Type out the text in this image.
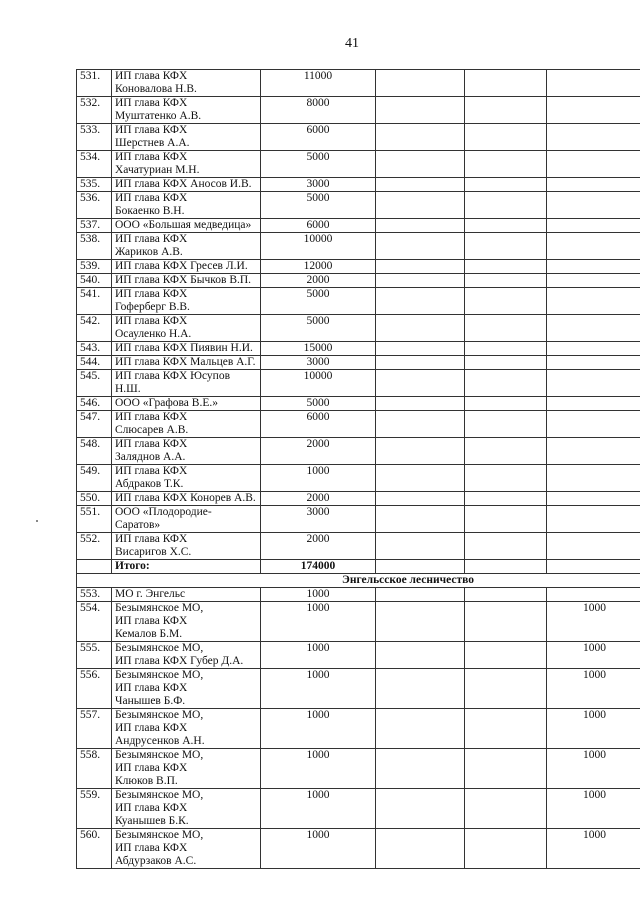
41
531.	ИП глава КФХ
Коноваловa Н.В.	11000			
532.	ИП глава КФХ
Муштатенко А.В.	8000			
533.	ИП глава КФХ
Шерстнев А.А.	6000			
534.	ИП глава КФХ
Хачатуриан М.Н.	5000			
535.	ИП глава КФХ Аносов И.В.	3000			
536.	ИП глава КФХ
Бокаенко В.Н.	5000			
537.	ООО «Большая медведица»	6000			
538.	ИП глава КФХ
Жариков А.В.	10000			
539.	ИП глава КФХ Гресев Л.И.	12000			
540.	ИП глава КФХ Бычков В.П.	2000			
541.	ИП глава КФХ
Гоферберг В.В.	5000			
542.	ИП глава КФХ
Осауленко Н.А.	5000			
543.	ИП глава КФХ Пиявин Н.И.	15000			
544.	ИП глава КФХ Мальцев А.Г.	3000			
545.	ИП глава КФХ Юсупов Н.Ш.	10000			
546.	ООО «Графова В.Е.»	5000			
547.	ИП глава КФХ
Слюсарев А.В.	6000			
548.	ИП глава КФХ
Заляднов А.А.	2000			
549.	ИП глава КФХ
Абдраков Т.К.	1000			
550.	ИП глава КФХ Конорев А.В.	2000			
551.	ООО «Плодородие-
Саратов»	3000			
552.	ИП глава КФХ
Висаригов Х.С.	2000			
	Итого:	174000			
Энгельсское лесничество					
553.	МО г. Энгельс	1000			
554.	Безымянское МО,
ИП глава КФХ
Кемалов Б.М.	1000			1000
555.	Безымянское МО,
ИП глава КФХ Губер Д.А.	1000			1000
556.	Безымянское МО,
ИП глава КФХ
Чанышев Б.Ф.	1000			1000
557.	Безымянское МО,
ИП глава КФХ
Андрусенков А.Н.	1000			1000
558.	Безымянское МО,
ИП глава КФХ
Клюков В.П.	1000			1000
559.	Безымянское МО,
ИП глава КФХ
Куанышев Б.К.	1000			1000
560.	Безымянское МО,
ИП глава КФХ
Абдурзаков А.С.	1000			1000
